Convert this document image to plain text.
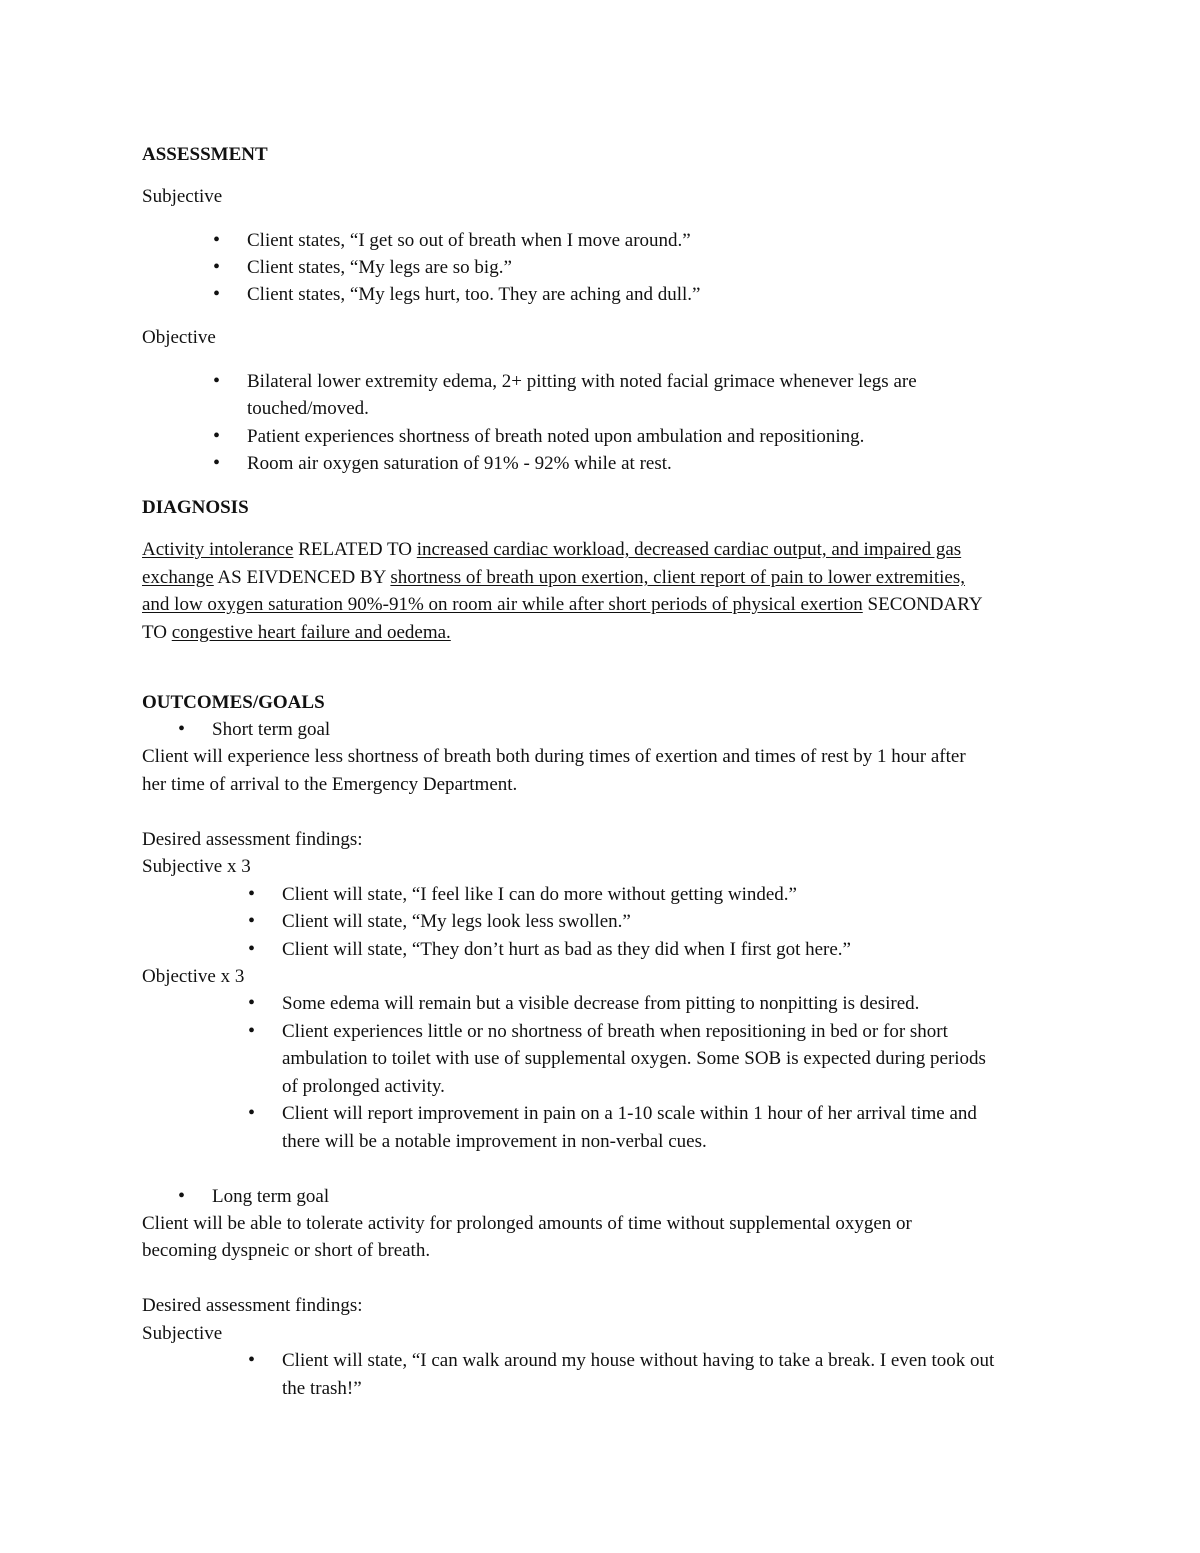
ASSESSMENT
Subjective
• Client states, “I get so out of breath when I move around.”
• Client states, “My legs are so big.”
• Client states, “My legs hurt, too. They are aching and dull.”
Objective
• Bilateral lower extremity edema, 2+ pitting with noted facial grimace whenever legs are
touched/moved.
• Patient experiences shortness of breath noted upon ambulation and repositioning.
• Room air oxygen saturation of 91% - 92% while at rest.
DIAGNOSIS
Activity intolerance RELATED TO increased cardiac workload, decreased cardiac output, and impaired gas
exchange AS EIVDENCED BY shortness of breath upon exertion, client report of pain to lower extremities,
and low oxygen saturation 90%-91% on room air while after short periods of physical exertion SECONDARY
TO congestive heart failure and oedema.
OUTCOMES/GOALS
• Short term goal
Client will experience less shortness of breath both during times of exertion and times of rest by 1 hour after
her time of arrival to the Emergency Department.
Desired assessment findings:
Subjective x 3
• Client will state, “I feel like I can do more without getting winded.”
• Client will state, “My legs look less swollen.”
• Client will state, “They don’t hurt as bad as they did when I first got here.”
Objective x 3
• Some edema will remain but a visible decrease from pitting to nonpitting is desired.
• Client experiences little or no shortness of breath when repositioning in bed or for short
ambulation to toilet with use of supplemental oxygen. Some SOB is expected during periods
of prolonged activity.
• Client will report improvement in pain on a 1-10 scale within 1 hour of her arrival time and
there will be a notable improvement in non-verbal cues.
• Long term goal
Client will be able to tolerate activity for prolonged amounts of time without supplemental oxygen or
becoming dyspneic or short of breath.
Desired assessment findings:
Subjective
• Client will state, “I can walk around my house without having to take a break. I even took out
the trash!”
